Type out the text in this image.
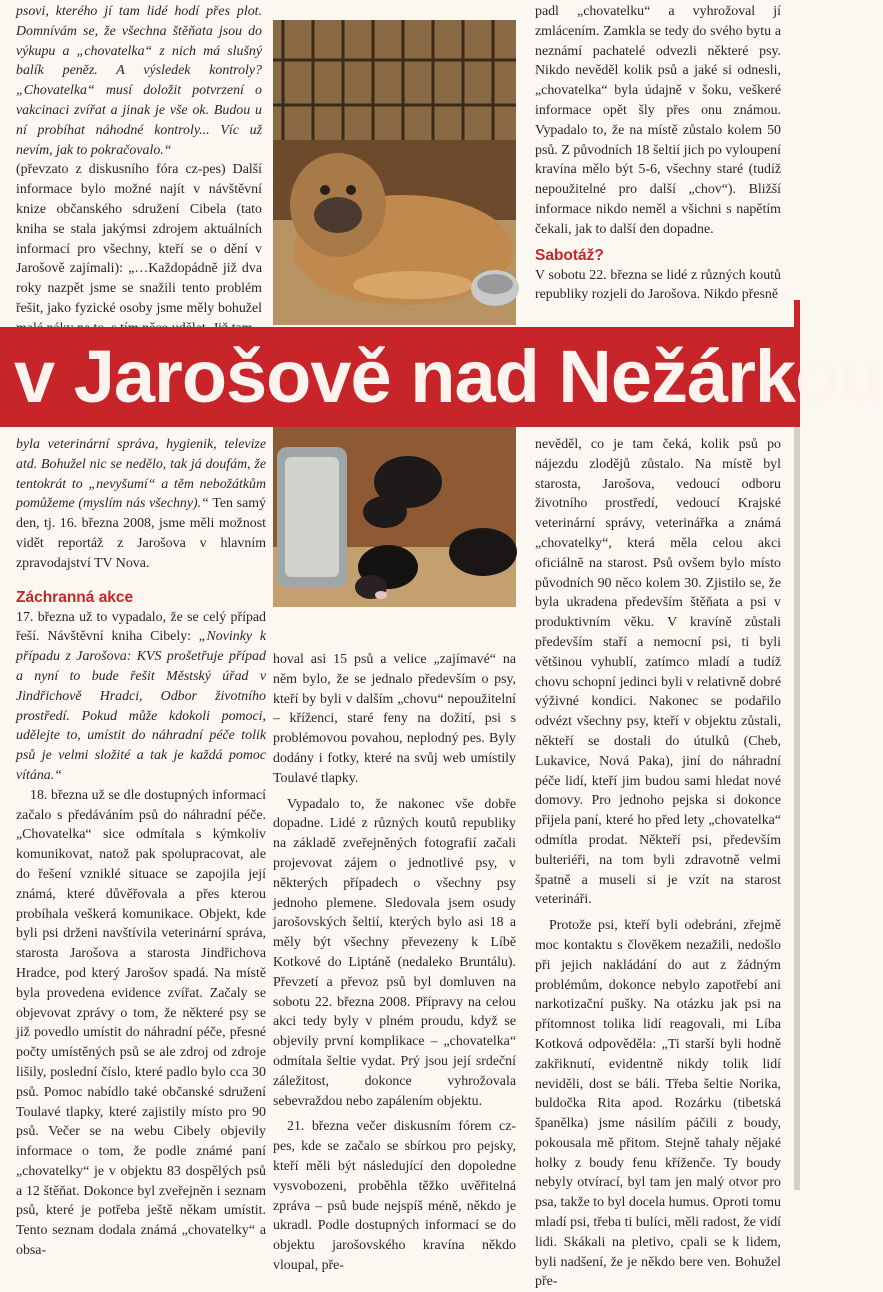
psovi, kterého jí tam lidé hodí přes plot. Domnívám se, že všechna štěňata jsou do výkupu a „chovatelka“ z nich má slušný balík peněz. A výsledek kontroly? „Chovatelka“ musí doložit potvrzení o vakcinaci zvířat a jinak je vše ok. Budou u ní probíhat náhodné kontroly... Víc už nevím, jak to pokračovalo.“

(převzato z diskusního fóra cz-pes) Další informace bylo možné najít v návštěvní knize občanského sdružení Cibela (tato kniha se stala jakýmsi zdrojem aktuálních informací pro všechny, kteří se o dění v Jarošově zajímali): „…Každopádně již dva roky nazpět jsme se snažili tento problém řešit, jako fyzické osoby jsme měly bohužel

padl „chovatelku“ a vyhrožoval jí zmlácením. Zamkla se tedy do svého bytu a neznámí pachatelé odvezli některé psy. Nikdo nevěděl kolik psů a jaké si odnesli, „chovatelka“ byla údajně v šoku, veškeré informace opět šly přes onu známou. Vypadalo to, že na místě zůstalo kolem 50 psů. Z původních 18 šeltií jich po vyloupení kravína mělo být 5-6, všechny staré (tudíž nepoužitelné pro další „chov“). Bližší informace nikdo neměl a všichni s napětím čekali, jak to další den dopadne.

Sabotáž?

V sobotu 22. března se lidé z různých koutů republiky rozjeli do Jarošova. Nikdo přesně

v Jarošově nad Nežárkou

byla veterinární správa, hygienik, televize atd. Bohužel nic se nedělo, tak já doufám, že tentokrát to „nevyšumí“ a těm nebožátkům pomůžeme (myslím nás všechny).“ Ten samý den, tj. 16. března 2008, jsme měli možnost vidět reportáž z Jarošova v hlavním zpravodajství TV Nova.

Záchranná akce

17. března už to vypadalo, že se celý případ řeší. Návštěvní kniha Cibely: „Novinky k případu z Jarošova: KVS prošetřuje případ a nyní to bude řešit Městský úřad v Jindřichově Hradci, Odbor životního prostředí. Pokud může kdokoli pomoci, udělejte to, umístit do náhradní péče tolik psů je velmi složité a tak je každá pomoc vítána.“

18. března už se dle dostupných informací začalo s předáváním psů do náhradní péče. „Chovatelka“ sice odmítala s kýmkoliv komunikovat, natož pak spolupracovat, ale do řešení vzniklé situace se zapojila její známá, které důvěřovala a přes kterou probíhala veškerá komunikace. Objekt, kde byli psi drženi navštívila veterinární správa, starosta Jarošova a starosta Jindřichova Hradce, pod který Jarošov spadá. Na místě byla provedena evidence zvířat. Začaly se objevovat zprávy o tom, že některé psy se již povedlo umístit do náhradní péče, přesné počty umístěných psů se ale zdroj od zdroje lišily, poslední číslo, které padlo bylo cca 30 psů. Pomoc nabídlo také občanské sdružení Toulavé tlapky, které zajistily místo pro 90 psů. Večer se na webu Cibely objevily informace o tom, že podle známé paní „chovatelky“ je v objektu 83 dospělých psů a 12 štěňat. Dokonce byl zveřejněn i seznam psů, které je potřeba ještě někam umístit. Tento seznam dodala známá „chovatelky“ a obsa-

hoval asi 15 psů a velice „zajímavé“ na něm bylo, že se jednalo především o psy, kteří by byli v dalším „chovu“ nepoužitelní – kříženci, staré feny na dožití, psi s problémovou povahou, neplodný pes. Byly dodány i fotky, které na svůj web umístily Toulavé tlapky.

Vypadalo to, že nakonec vše dobře dopadne. Lidé z různých koutů republiky na základě zveřejněných fotografií začali projevovat zájem o jednotlivé psy, v některých případech o všechny psy jednoho plemene. Sledovala jsem osudy jarošovských šeltií, kterých bylo asi 18 a měly být všechny převezeny k Líbě Kotkové do Liptáně (nedaleko Bruntálu). Převzetí a převoz psů byl domluven na sobotu 22. března 2008. Přípravy na celou akci tedy byly v plném proudu, když se objevily první komplikace – „chovatelka“ odmítala šeltie vydat. Prý jsou její srdeční záležitost, dokonce vyhrožovala sebevraždou nebo zapálením objektu.

21. března večer diskusním fórem cz-pes, kde se začalo se sbírkou pro pejsky, kteří měli být následující den dopoledne vysvobozeni, proběhla těžko uvěřitelná zpráva – psů bude nejspíš méně, někdo je ukradl. Podle dostupných informací se do objektu jarošovského kravína někdo vloupal, pře-

nevěděl, co je tam čeká, kolik psů po nájezdu zlodějů zůstalo. Na místě byl starosta, Jarošova, vedoucí odboru životního prostředí, vedoucí Krajské veterinární správy, veterinářka a známá „chovatelky“, která měla celou akci oficiálně na starost. Psů ovšem bylo místo původních 90 něco kolem 30. Zjistilo se, že byla ukradena především štěňata a psi v produktivním věku. V kravíně zůstali především staří a nemocní psi, ti byli většinou vyhublí, zatímco mladí a tudíž chovu schopní jedinci byli v relativně dobré výživné kondici. Nakonec se podařilo odvézt všechny psy, kteří v objektu zůstali, někteří se dostali do útulků (Cheb, Lukavice, Nová Paka), jiní do náhradní péče lidí, kteří jim budou sami hledat nové domovy. Pro jednoho pejska si dokonce přijela paní, které ho před lety „chovatelka“ odmítla prodat. Někteří psi, především bulteriéři, na tom byli zdravotně velmi špatně a museli si je vzít na starost veterináři.

Protože psi, kteří byli odebráni, zřejmě moc kontaktu s člověkem nezažili, nedošlo při jejich nakládání do aut z žádným problémům, dokonce nebylo zapotřebí ani narkotizační pušky. Na otázku jak psi na přítomnost tolika lidí reagovali, mi Líba Kotková odpověděla: „Ti starší byli hodně zakřiknutí, evidentně nikdy tolik lidí neviděli, dost se báli. Třeba šeltie Norika, buldočka Rita apod. Rozárku (tibetská španělka) jsme násilím páčili z boudy, pokousala mě přitom. Stejně tahaly nějaké holky z boudy fenu kříženče. Ty boudy nebyly otvírací, byl tam jen malý otvor pro psa, takže to byl docela humus. Oproti tomu mladí psi, třeba ti bulíci, měli radost, že vidí lidi. Skákali na pletivo, cpali se k lidem, byli nadšení, že je někdo bere ven. Bohužel pře-
